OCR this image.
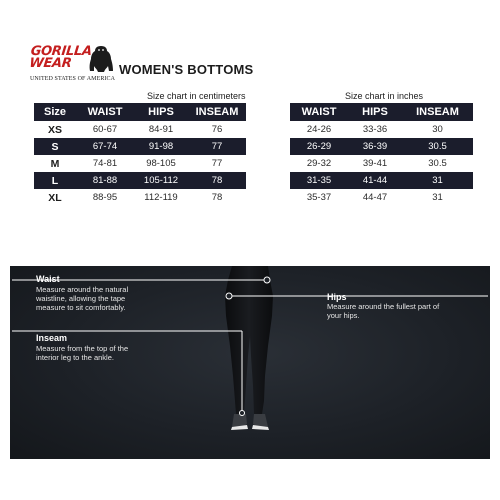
GORILLA
WEAR
UNITED STATES OF AMERICA
WOMEN'S BOTTOMS
Size chart in centimeters	Size chart in inches
Size	WAIST	HIPS	INSEAM		WAIST	HIPS	INSEAM
XS	60-67	84-91	76		24-26	33-36	30
S	67-74	91-98	77		26-29	36-39	30.5
M	74-81	98-105	77		29-32	39-41	30.5
L	81-88	105-112	78		31-35	41-44	31
XL	88-95	112-119	78		35-37	44-47	31
Waist
Measure around the natural
waistline, allowing the tape
measure to sit comfortably.
Hips
Measure around the fullest part of
your hips.
Inseam
Measure from the top of the
interior leg to the ankle.
